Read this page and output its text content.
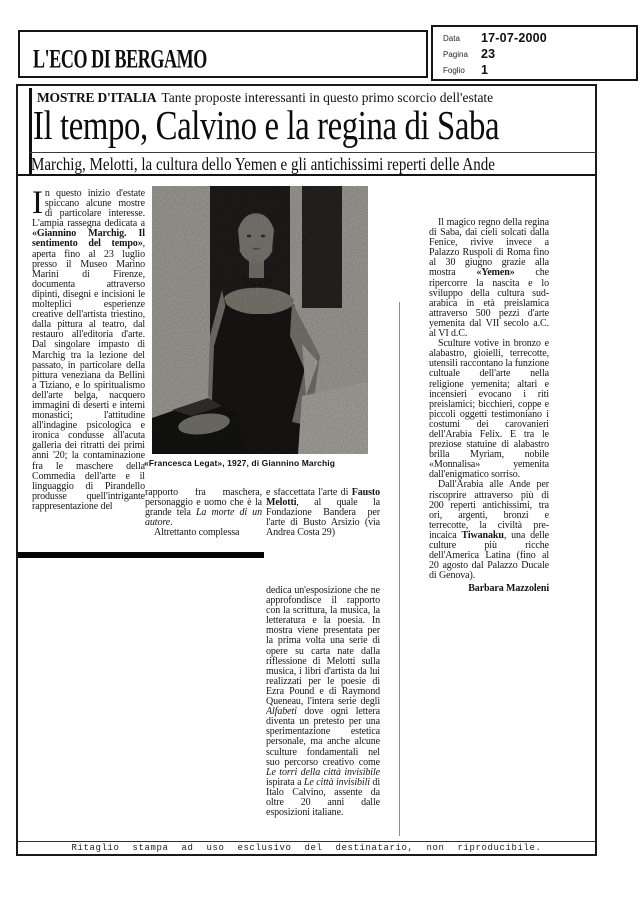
L'ECO DI BERGAMO
Data	17-07-2000
Pagina	23
Foglio	1
MOSTRE D'ITALIA Tante proposte interessanti in questo primo scorcio dell'estate
Il tempo, Calvino e la regina di Saba
Marchig, Melotti, la cultura dello Yemen e gli antichissimi reperti delle Ande

In questo inizio d'estate spiccano alcune mostre di particolare interesse. L'ampia rassegna dedicata a «Giannino Marchig. Il sentimento del tempo», aperta fino al 23 luglio presso il Museo Marino Marini di Firenze, documenta attraverso dipinti, disegni e incisioni le molteplici esperienze creative dell'artista triestino, dalla pittura al teatro, dal restauro all'editoria d'arte. Dal singolare impasto di Marchig tra la lezione del passato, in particolare della pittura veneziana da Bellini a Tiziano, e lo spiritualismo dell'arte belga, nacquero immagini di deserti e interni monastici; l'attitudine all'indagine psicologica e ironica condusse all'acuta galleria dei ritratti dei primi anni '20; la contaminazione fra le maschere della Commedia dell'arte e il linguaggio di Pirandello produsse quell'intrigante rappresentazione del

rapporto fra maschera, personaggio e uomo che è la grande tela La morte di un autore.

Altrettanto complessa

e sfaccettata l'arte di Fausto Melotti, al quale la Fondazione Bandera per l'arte di Busto Arsizio (via Andrea Costa 29)

dedica un'esposizione che ne approfondisce il rapporto con la scrittura, la musica, la letteratura e la poesia. In mostra viene presentata per la prima volta una serie di opere su carta nate dalla riflessione di Melotti sulla musica, i libri d'artista da lui realizzati per le poesie di Ezra Pound e di Raymond Queneau, l'intera serie degli Alfabeti dove ogni lettera diventa un pretesto per una sperimentazione estetica personale, ma anche alcune sculture fondamentali nel suo percorso creativo come Le torri della città invisibile ispirata a Le città invisibili di Italo Calvino, assente da oltre 20 anni dalle esposizioni italiane.

Il magico regno della regina di Saba, dai cieli solcati dalla Fenice, rivive invece a Palazzo Ruspoli di Roma fino al 30 giugno grazie alla mostra «Yemen» che ripercorre la nascita e lo sviluppo della cultura sud-arabica in età preislamica attraverso 500 pezzi d'arte yemenita dal VII secolo a.C. al VI d.C.

Sculture votive in bronzo e alabastro, gioielli, terrecotte, utensili raccontano la funzione cultuale dell'arte nella religione yemenita; altari e incensieri evocano i riti preislamici; bicchieri, coppe e piccoli oggetti testimoniano i costumi dei carovanieri dell'Arabia Felix. E tra le preziose statuine di alabastro brilla Myriam, nobile «Monnalisa» yemenita dall'enigmatico sorriso.

Dall'Arabia alle Ande per riscoprire attraverso più di 200 reperti antichissimi, tra ori, argenti, bronzi e terrecotte, la civiltà pre-incaica Tiwanaku, una delle culture più ricche dell'America Latina (fino al 20 agosto dal Palazzo Ducale di Genova).

Barbara Mazzoleni
«Francesca Legat», 1927, di Giannino Marchig
Ritaglio stampa ad uso esclusivo del destinatario, non riproducibile.
